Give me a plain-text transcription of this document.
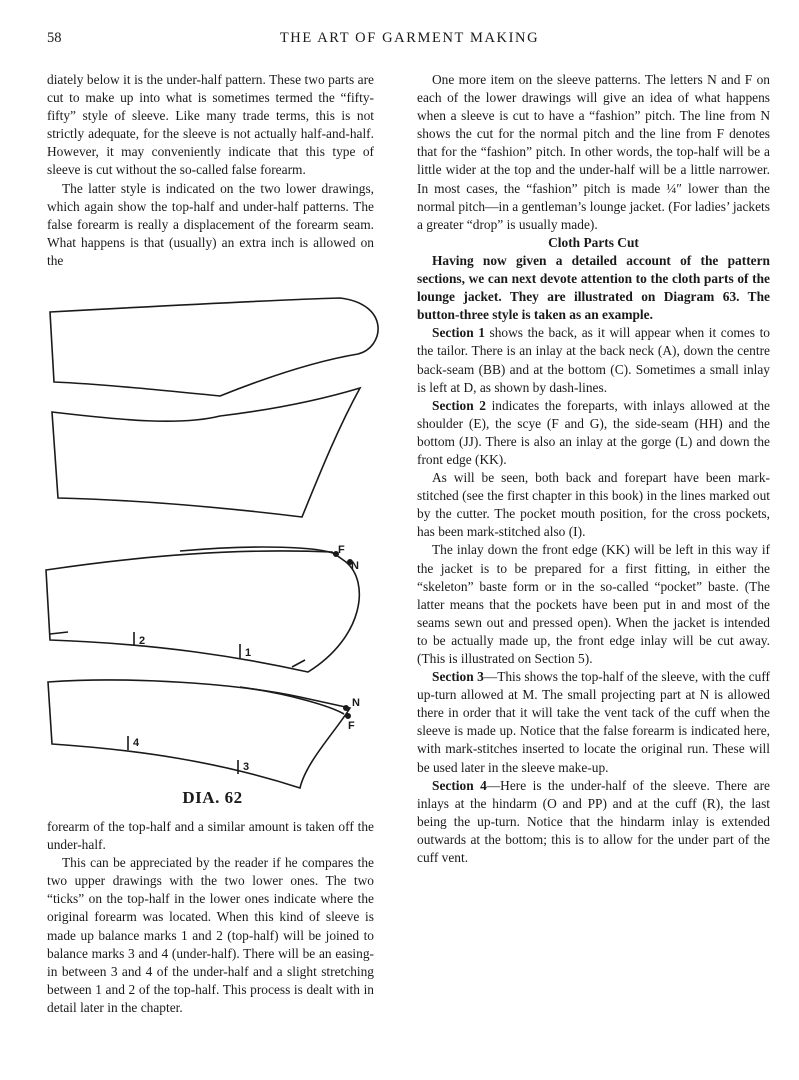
58	THE ART OF GARMENT MAKING

diately below it is the under-half pattern. These two parts are cut to make up into what is sometimes termed the “fifty-fifty” style of sleeve. Like many trade terms, this is not strictly adequate, for the sleeve is not actually half-and-half. However, it may conveniently indicate that this type of sleeve is cut without the so-called false forearm.

The latter style is indicated on the two lower drawings, which again show the top-half and under-half patterns. The false forearm is really a displacement of the forearm seam. What happens is that (usually) an extra inch is allowed on the

F
N
2
1
N
F
4
3
DIA. 62

forearm of the top-half and a similar amount is taken off the under-half.

This can be appreciated by the reader if he compares the two upper drawings with the two lower ones. The two “ticks” on the top-half in the lower ones indicate where the original forearm was located. When this kind of sleeve is made up balance marks 1 and 2 (top-half) will be joined to balance marks 3 and 4 (under-half). There will be an easing-in between 3 and 4 of the under-half and a slight stretching between 1 and 2 of the top-half. This process is dealt with in detail later in the chapter.

One more item on the sleeve patterns. The letters N and F on each of the lower drawings will give an idea of what happens when a sleeve is cut to have a “fashion” pitch. The line from N shows the cut for the normal pitch and the line from F denotes that for the “fashion” pitch. In other words, the top-half will be a little wider at the top and the under-half will be a little narrower. In most cases, the “fashion” pitch is made ¼″ lower than the normal pitch—in a gentleman’s lounge jacket. (For ladies’ jackets a greater “drop” is usually made).

Cloth Parts Cut

Having now given a detailed account of the pattern sections, we can next devote attention to the cloth parts of the lounge jacket. They are illustrated on Diagram 63. The button-three style is taken as an example.

Section 1 shows the back, as it will appear when it comes to the tailor. There is an inlay at the back neck (A), down the centre back-seam (BB) and at the bottom (C). Sometimes a small inlay is left at D, as shown by dash-lines.

Section 2 indicates the foreparts, with inlays allowed at the shoulder (E), the scye (F and G), the side-seam (HH) and the bottom (JJ). There is also an inlay at the gorge (L) and down the front edge (KK).

As will be seen, both back and forepart have been mark-stitched (see the first chapter in this book) in the lines marked out by the cutter. The pocket mouth position, for the cross pockets, has been mark-stitched also (I).

The inlay down the front edge (KK) will be left in this way if the jacket is to be prepared for a first fitting, in either the “skeleton” baste form or in the so-called “pocket” baste. (The latter means that the pockets have been put in and most of the seams sewn out and pressed open). When the jacket is intended to be actually made up, the front edge inlay will be cut away. (This is illustrated on Section 5).

Section 3—This shows the top-half of the sleeve, with the cuff up-turn allowed at M. The small projecting part at N is allowed there in order that it will take the vent tack of the cuff when the sleeve is made up. Notice that the false forearm is indicated here, with mark-stitches inserted to locate the original run. These will be used later in the sleeve make-up.

Section 4—Here is the under-half of the sleeve. There are inlays at the hindarm (O and PP) and at the cuff (R), the last being the up-turn. Notice that the hindarm inlay is extended outwards at the bottom; this is to allow for the under part of the cuff vent.
